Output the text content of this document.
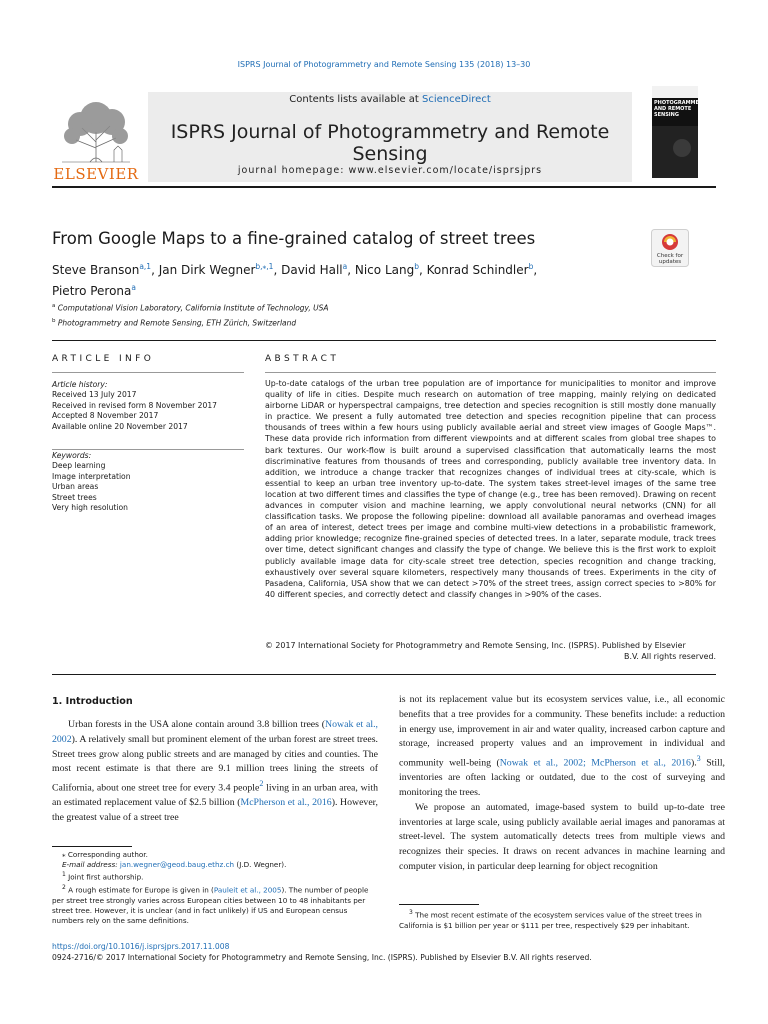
ISPRS Journal of Photogrammetry and Remote Sensing 135 (2018) 13–30
ELSEVIER
Contents lists available at ScienceDirect
ISPRS Journal of Photogrammetry and Remote Sensing
journal homepage: www.elsevier.com/locate/isprsjprs
PHOTOGRAMMETRY AND REMOTE SENSING
From Google Maps to a fine-grained catalog of street trees
Check for updates
Steve Branson$^{a,1}$, Jan Dirk Wegner$^{b,⁎,1}$, David Hall$^a$, Nico Lang$^b$, Konrad Schindler$^b$,
Pietro Perona$^a$
$^a$ Computational Vision Laboratory, California Institute of Technology, USA
$^b$ Photogrammetry and Remote Sensing, ETH Zürich, Switzerland
ARTICLE INFO	ABSTRACT
Article history:
Received 13 July 2017
Received in revised form 8 November 2017
Accepted 8 November 2017
Available online 20 November 2017
Keywords:
Deep learning
Image interpretation
Urban areas
Street trees
Very high resolution
Up-to-date catalogs of the urban tree population are of importance for municipalities to monitor and improve quality of life in cities. Despite much research on automation of tree mapping, mainly relying on dedicated airborne LiDAR or hyperspectral campaigns, tree detection and species recognition is still mostly done manually in practice. We present a fully automated tree detection and species recognition pipeline that can process thousands of trees within a few hours using publicly available aerial and street view images of Google Maps™. These data provide rich information from different viewpoints and at different scales from global tree shapes to bark textures. Our work-flow is built around a supervised classification that automatically learns the most discriminative features from thousands of trees and corresponding, publicly available tree inventory data. In addition, we introduce a change tracker that recognizes changes of individual trees at city-scale, which is essential to keep an urban tree inventory up-to-date. The system takes street-level images of the same tree location at two different times and classifies the type of change (e.g., tree has been removed). Drawing on recent advances in computer vision and machine learning, we apply convolutional neural networks (CNN) for all classification tasks. We propose the following pipeline: download all available panoramas and overhead images of an area of interest, detect trees per image and combine multi-view detections in a probabilistic framework, adding prior knowledge; recognize fine-grained species of detected trees. In a later, separate module, track trees over time, detect significant changes and classify the type of change. We believe this is the first work to exploit publicly available image data for city-scale street tree detection, species recognition and change tracking, exhaustively over several square kilometers, respectively many thousands of trees. Experiments in the city of Pasadena, California, USA show that we can detect >70% of the street trees, assign correct species to >80% for 40 different species, and correctly detect and classify changes in >90% of the cases.
© 2017 International Society for Photogrammetry and Remote Sensing, Inc. (ISPRS). Published by Elsevier
B.V. All rights reserved.
1. Introduction

Urban forests in the USA alone contain around 3.8 billion trees (Nowak et al., 2002). A relatively small but prominent element of the urban forest are street trees. Street trees grow along public streets and are managed by cities and counties. The most recent estimate is that there are 9.1 million trees lining the streets of California, about one street tree for every 3.4 people$^2$ living in an urban area, with an estimated replacement value of $2.5 billion (McPherson et al., 2016). However, the greatest value of a street tree

is not its replacement value but its ecosystem services value, i.e., all economic benefits that a tree provides for a community. These benefits include: a reduction in energy use, improvement in air and water quality, increased carbon capture and storage, increased property values and an improvement in individual and community well-being (Nowak et al., 2002; McPherson et al., 2016).$^3$ Still, inventories are often lacking or outdated, due to the cost of surveying and monitoring the trees.

We propose an automated, image-based system to build up-to-date tree inventories at large scale, using publicly available aerial images and panoramas at street-level. The system automatically detects trees from multiple views and recognizes their species. It draws on recent advances in machine learning and computer vision, in particular deep learning for object recognition

⁎ Corresponding author.
E-mail address: jan.wegner@geod.baug.ethz.ch (J.D. Wegner).
$^1$ Joint first authorship.
$^2$ A rough estimate for Europe is given in (Pauleit et al., 2005). The number of people per street tree strongly varies across European cities between 10 to 48 inhabitants per street tree. However, it is unclear (and in fact unlikely) if US and European census numbers rely on the same definitions.
$^3$ The most recent estimate of the ecosystem services value of the street trees in California is $1 billion per year or $111 per tree, respectively $29 per inhabitant.
https://doi.org/10.1016/j.isprsjprs.2017.11.008
0924-2716/© 2017 International Society for Photogrammetry and Remote Sensing, Inc. (ISPRS). Published by Elsevier B.V. All rights reserved.
